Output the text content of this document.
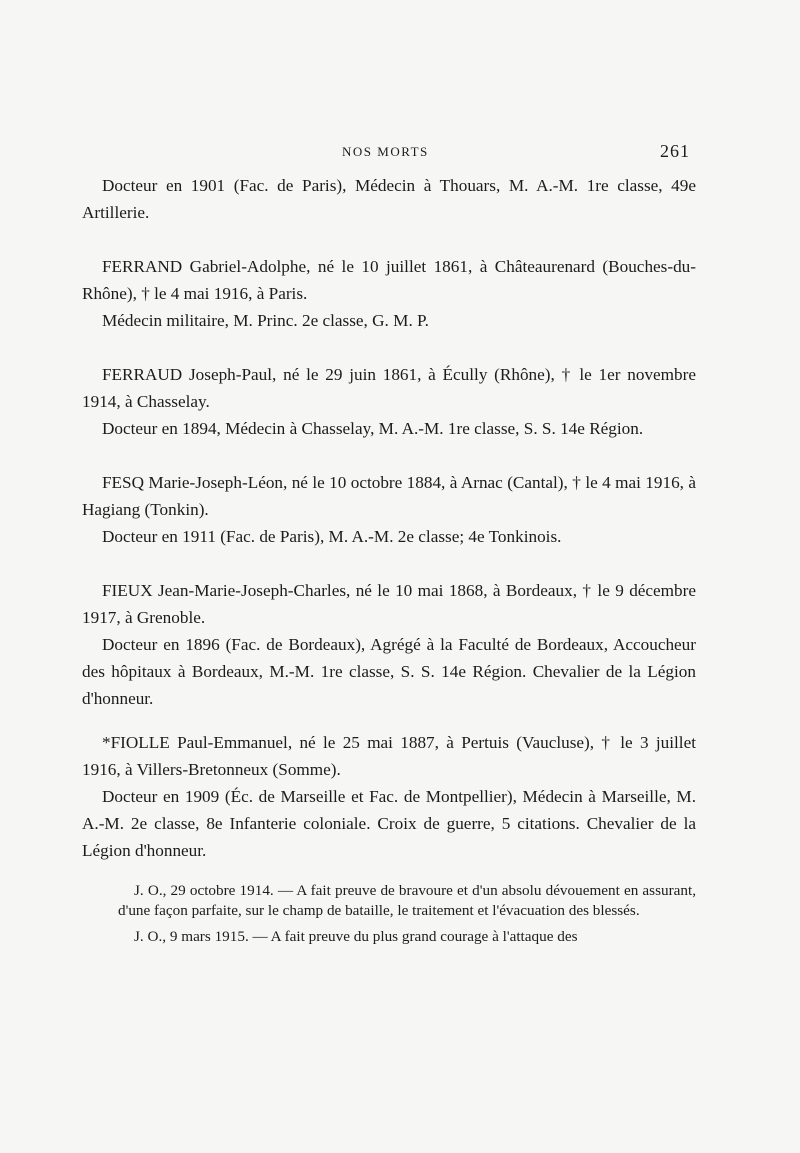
NOS MORTS	261

Docteur en 1901 (Fac. de Paris), Médecin à Thouars, M. A.-M. 1re classe, 49e Artillerie.

FERRAND Gabriel-Adolphe, né le 10 juillet 1861, à Châteaurenard (Bouches-du-Rhône), † le 4 mai 1916, à Paris.

Médecin militaire, M. Princ. 2e classe, G. M. P.

FERRAUD Joseph-Paul, né le 29 juin 1861, à Écully (Rhône), † le 1er novembre 1914, à Chasselay.

Docteur en 1894, Médecin à Chasselay, M. A.-M. 1re classe, S. S. 14e Région.

FESQ Marie-Joseph-Léon, né le 10 octobre 1884, à Arnac (Cantal), † le 4 mai 1916, à Hagiang (Tonkin).

Docteur en 1911 (Fac. de Paris), M. A.-M. 2e classe; 4e Tonkinois.

FIEUX Jean-Marie-Joseph-Charles, né le 10 mai 1868, à Bordeaux, † le 9 décembre 1917, à Grenoble.

Docteur en 1896 (Fac. de Bordeaux), Agrégé à la Faculté de Bordeaux, Accoucheur des hôpitaux à Bordeaux, M.-M. 1re classe, S. S. 14e Région. Chevalier de la Légion d'honneur.

*FIOLLE Paul-Emmanuel, né le 25 mai 1887, à Pertuis (Vaucluse), † le 3 juillet 1916, à Villers-Bretonneux (Somme).

Docteur en 1909 (Éc. de Marseille et Fac. de Montpellier), Médecin à Marseille, M. A.-M. 2e classe, 8e Infanterie coloniale. Croix de guerre, 5 citations. Chevalier de la Légion d'honneur.

J. O., 29 octobre 1914. — A fait preuve de bravoure et d'un absolu dévouement en assurant, d'une façon parfaite, sur le champ de bataille, le traitement et l'évacuation des blessés.

J. O., 9 mars 1915. — A fait preuve du plus grand courage à l'attaque des
